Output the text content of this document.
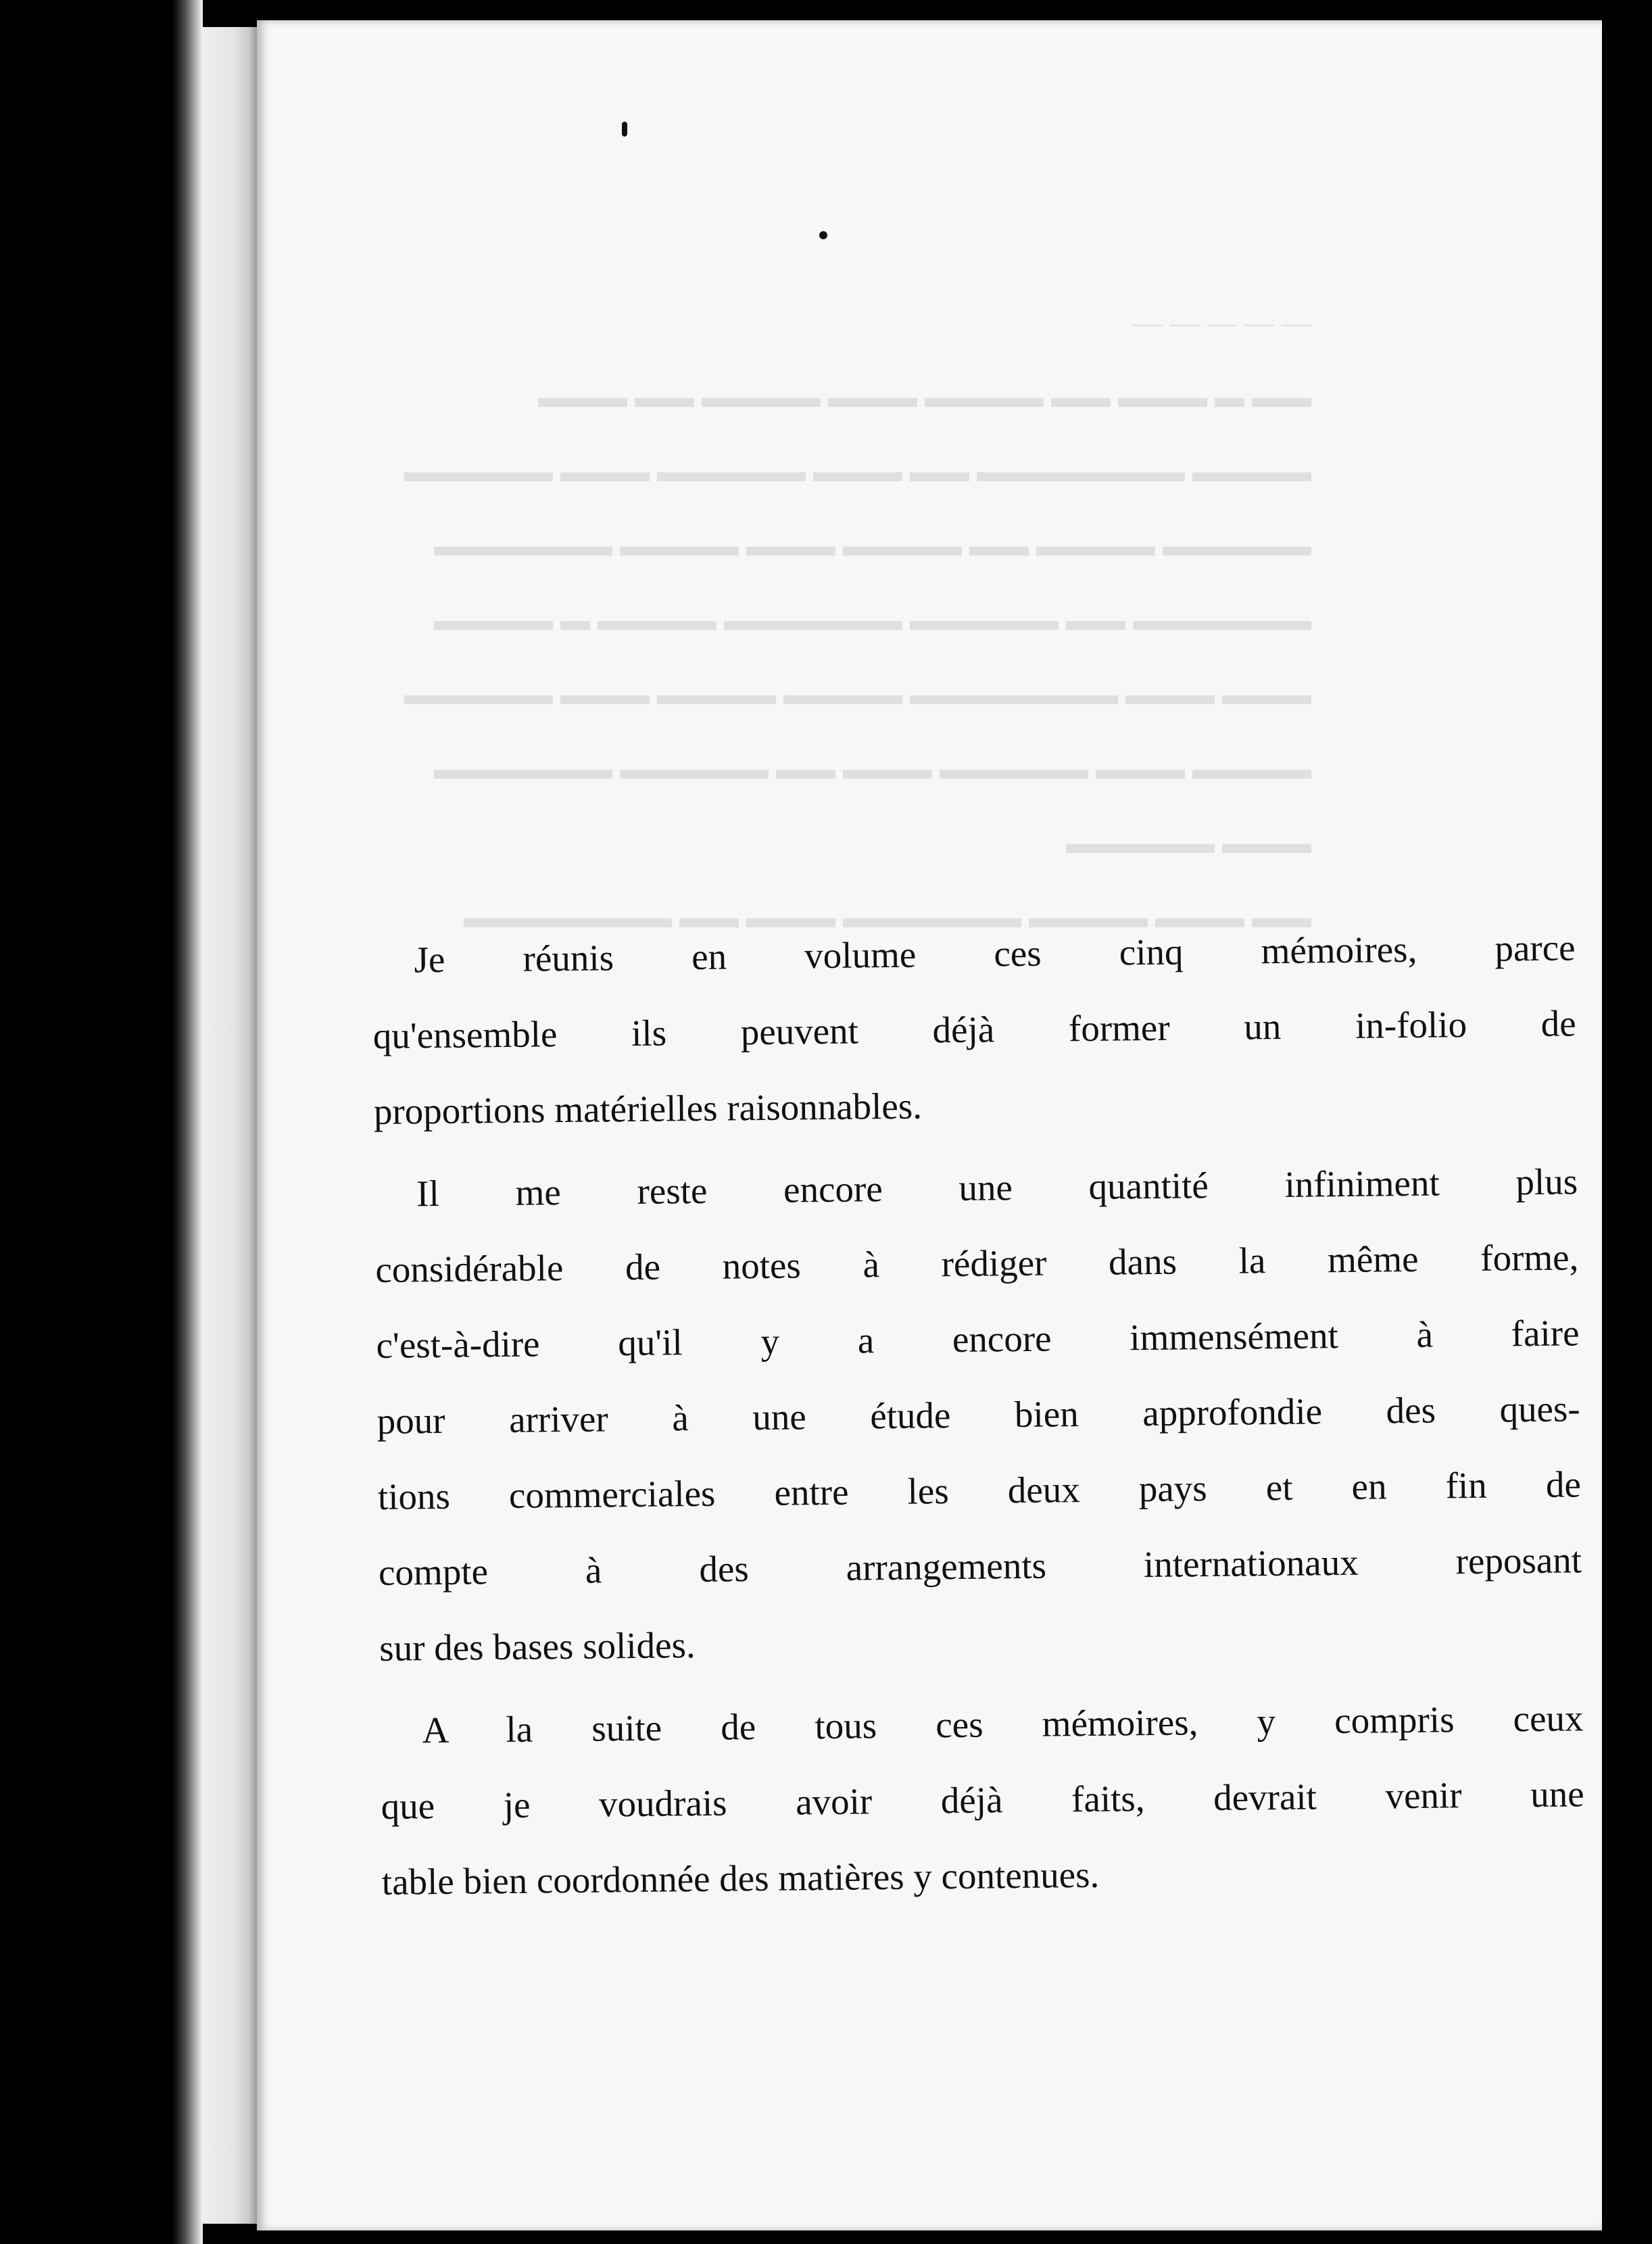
— — — — —
▬▬ ▬ ▬▬▬ ▬▬ ▬▬▬▬ ▬▬▬ ▬▬▬▬ ▬▬ ▬▬▬
▬▬▬▬ ▬▬▬▬▬▬▬ ▬▬ ▬▬▬ ▬▬▬▬▬ ▬▬▬ ▬▬▬▬▬
▬▬▬▬▬ ▬▬▬▬ ▬▬ ▬▬▬▬ ▬▬▬ ▬▬▬▬ ▬▬▬▬▬▬
▬▬▬▬▬▬ ▬▬ ▬▬▬▬▬ ▬▬▬▬▬▬ ▬▬▬▬ ▬ ▬▬▬▬
▬▬▬ ▬▬▬ ▬▬▬▬▬▬▬ ▬▬▬▬ ▬▬▬▬ ▬▬▬ ▬▬▬▬▬
▬▬▬▬ ▬▬▬ ▬▬▬▬▬ ▬▬▬ ▬▬ ▬▬▬▬▬ ▬▬▬▬▬▬
▬▬▬ ▬▬▬▬▬
▬▬ ▬▬▬ ▬▬▬▬ ▬▬▬▬▬▬ ▬▬▬ ▬▬ ▬▬▬▬▬▬▬
Je réunis en volume ces cinq mémoires, parce
qu'ensemble ils peuvent déjà former un in-folio de
proportions matérielles raisonnables.
Il me reste encore une quantité infiniment plus
considérable de notes à rédiger dans la même forme,
c'est-à-dire qu'il y a encore immensément à faire
pour arriver à une étude bien approfondie des ques-
tions commerciales entre les deux pays et en fin de
compte à des arrangements internationaux reposant
sur des bases solides.
A la suite de tous ces mémoires, y compris ceux
que je voudrais avoir déjà faits, devrait venir une
table bien coordonnée des matières y contenues.
